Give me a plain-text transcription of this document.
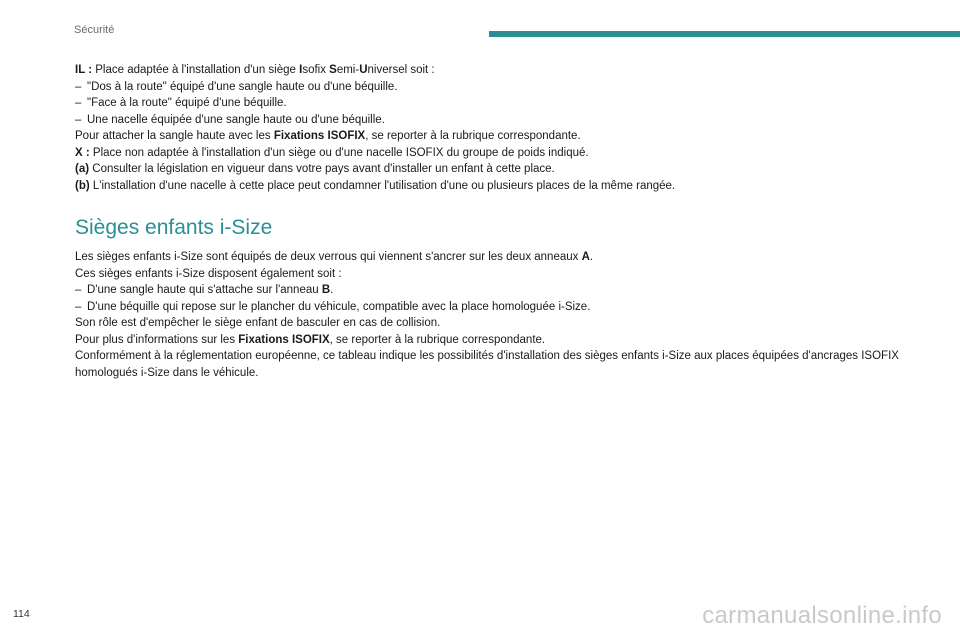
Sécurité

IL : Place adaptée à l'installation d'un siège Isofix Semi-Universel soit :

– "Dos à la route" équipé d'une sangle haute ou d'une béquille.

– "Face à la route" équipé d'une béquille.

– Une nacelle équipée d'une sangle haute ou d'une béquille.

Pour attacher la sangle haute avec les Fixations ISOFIX, se reporter à la rubrique correspondante.

X : Place non adaptée à l'installation d'un siège ou d'une nacelle ISOFIX du groupe de poids indiqué.

(a) Consulter la législation en vigueur dans votre pays avant d'installer un enfant à cette place.

(b) L'installation d'une nacelle à cette place peut condamner l'utilisation d'une ou plusieurs places de la même rangée.

Sièges enfants i-Size

Les sièges enfants i-Size sont équipés de deux verrous qui viennent s'ancrer sur les deux anneaux A.

Ces sièges enfants i-Size disposent également soit :

– D'une sangle haute qui s'attache sur l'anneau B.

– D'une béquille qui repose sur le plancher du véhicule, compatible avec la place homologuée i-Size.

Son rôle est d'empêcher le siège enfant de basculer en cas de collision.

Pour plus d'informations sur les Fixations ISOFIX, se reporter à la rubrique correspondante.

Conformément à la réglementation européenne, ce tableau indique les possibilités d'installation des sièges enfants i-Size aux places équipées d'ancrages ISOFIX homologués i-Size dans le véhicule.

114	carmanualsonline.info
